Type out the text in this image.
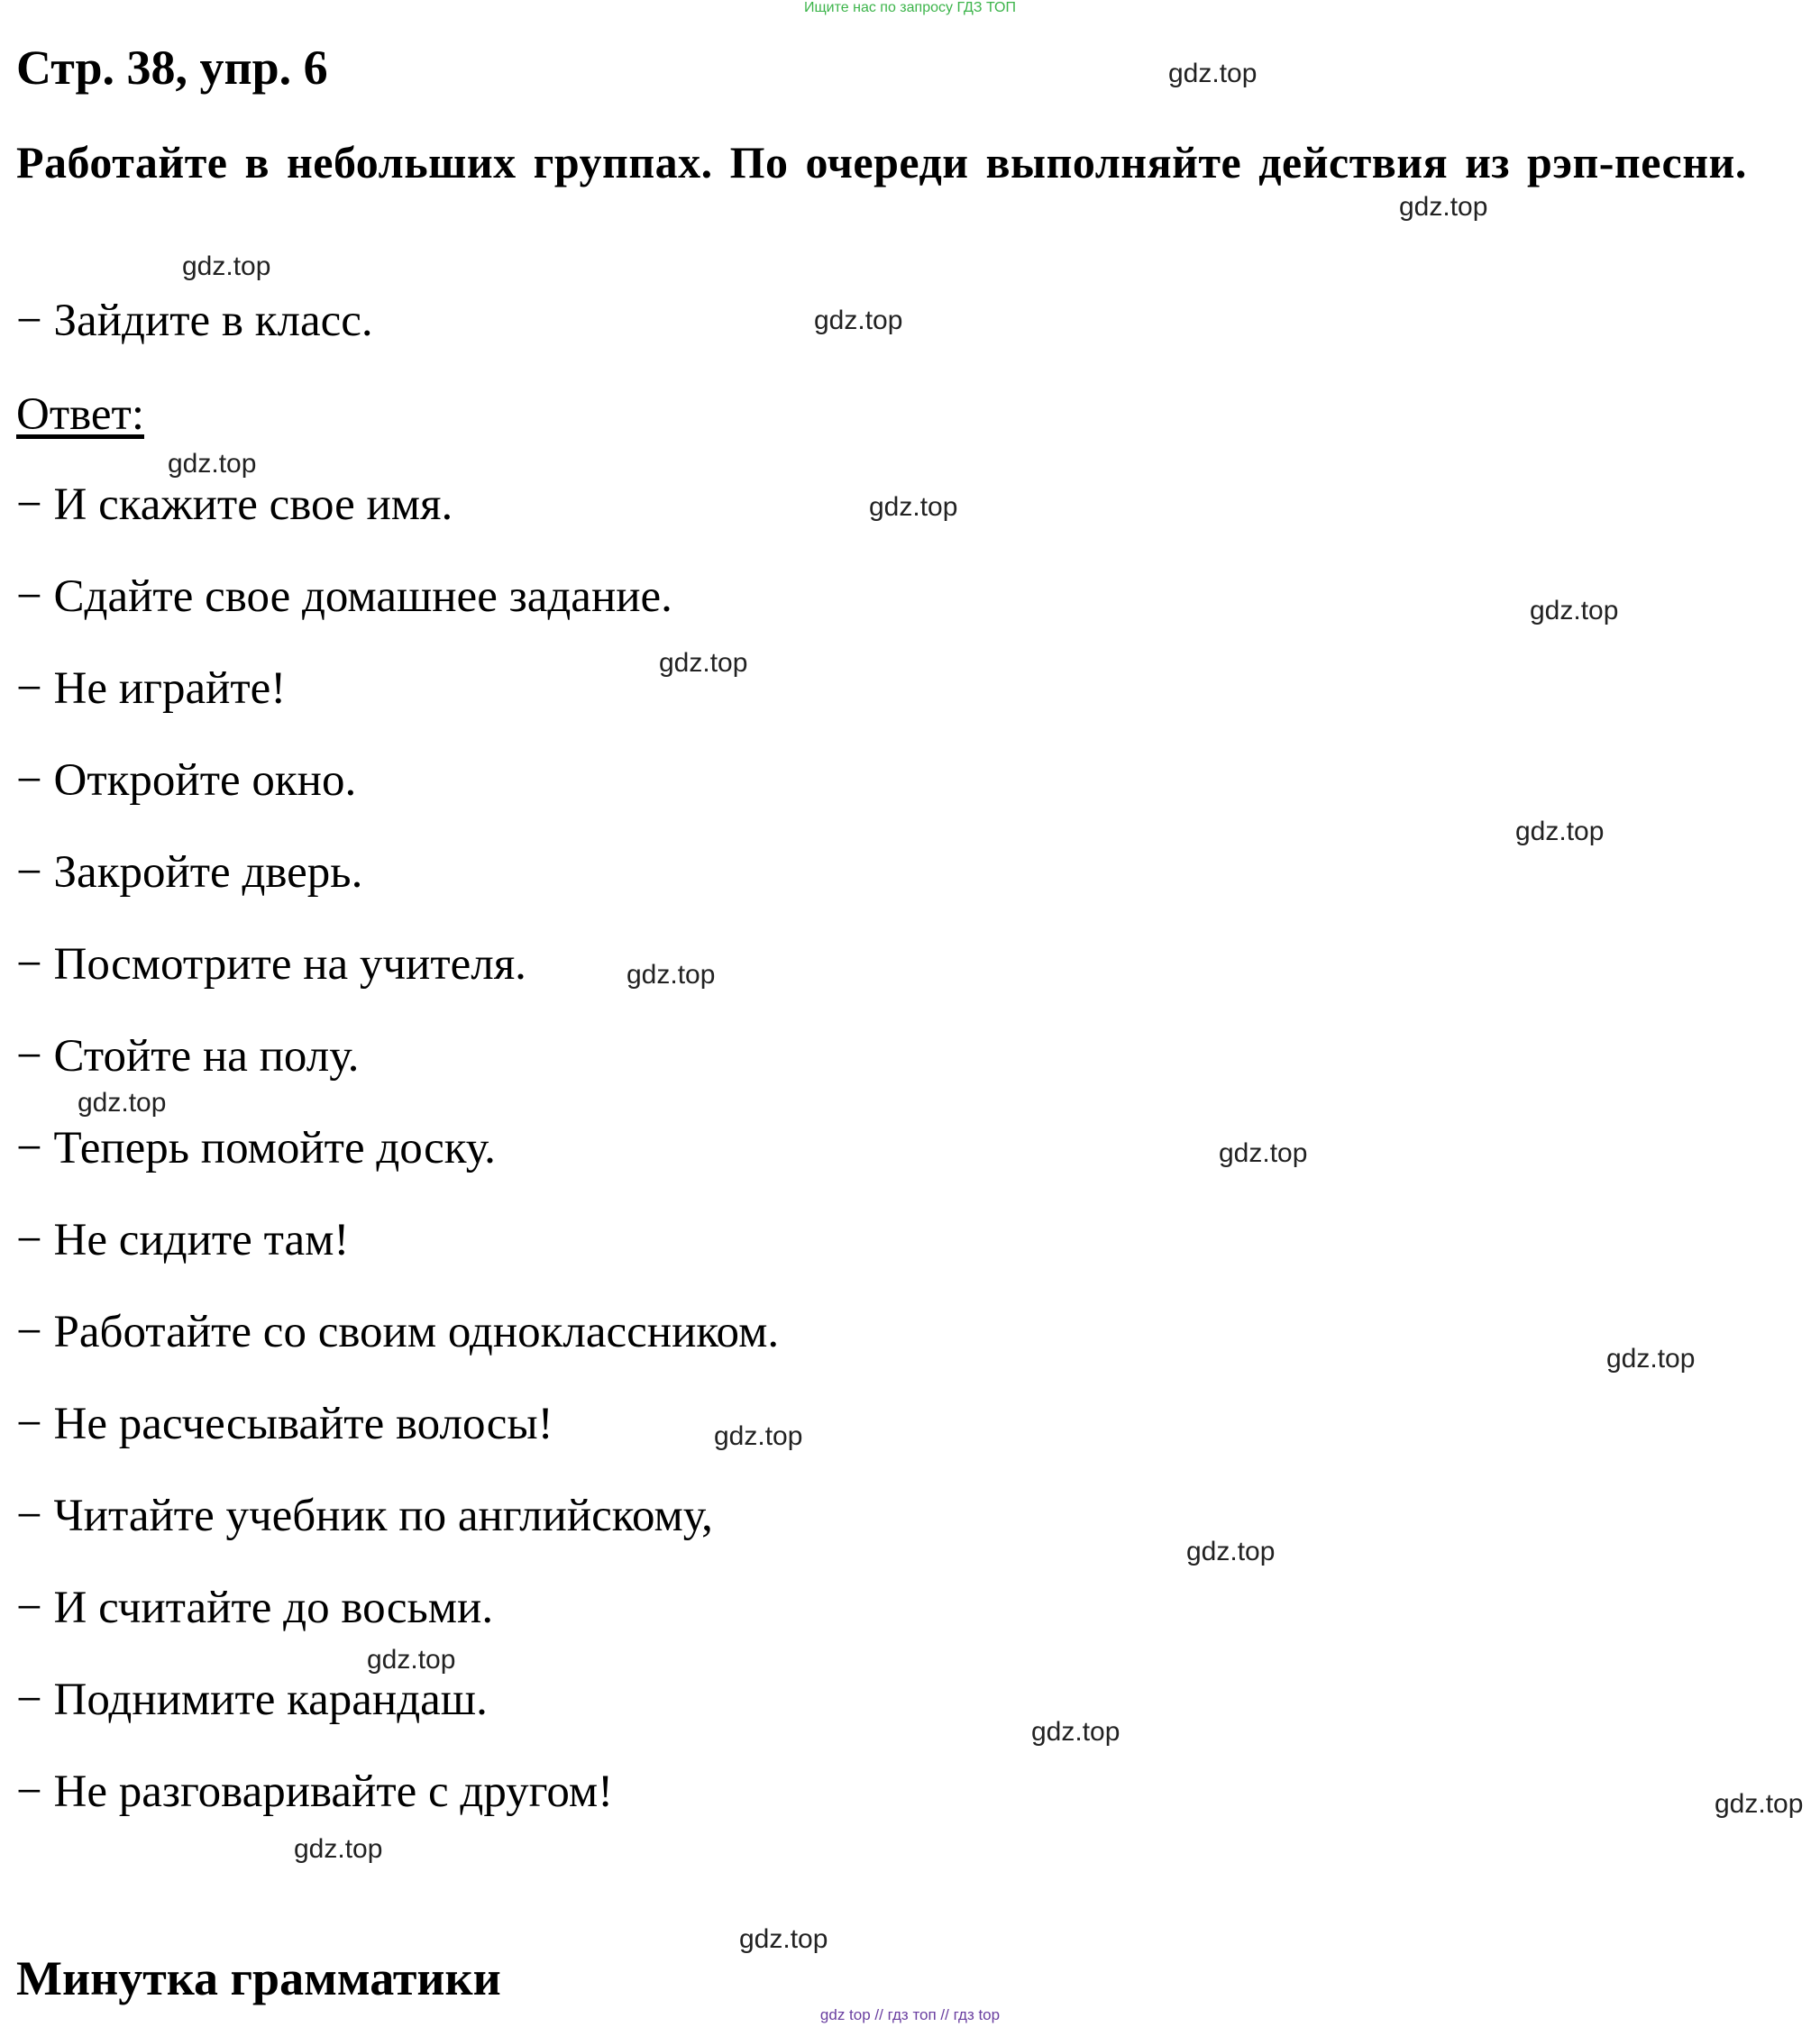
Ищите нас по запросу ГДЗ ТОП
Стр. 38, упр. 6
Работайте в небольших группах. По очереди выполняйте действия из рэп-песни.
− Зайдите в класс.
Ответ:
− И скажите свое имя.
− Сдайте свое домашнее задание.
− Не играйте!
− Откройте окно.
− Закройте дверь.
− Посмотрите на учителя.
− Стойте на полу.
− Теперь помойте доску.
− Не сидите там!
− Работайте со своим одноклассником.
− Не расчесывайте волосы!
− Читайте учебник по английскому,
− И считайте до восьми.
− Поднимите карандаш.
− Не разговаривайте с другом!
Минутка грамматики
gdz.top
gdz.top
gdz.top
gdz.top
gdz.top
gdz.top
gdz.top
gdz.top
gdz.top
gdz.top
gdz.top
gdz.top
gdz.top
gdz.top
gdz.top
gdz.top
gdz.top
gdz.top
gdz.top
gdz.top
gdz top // гдз топ // гдз top
